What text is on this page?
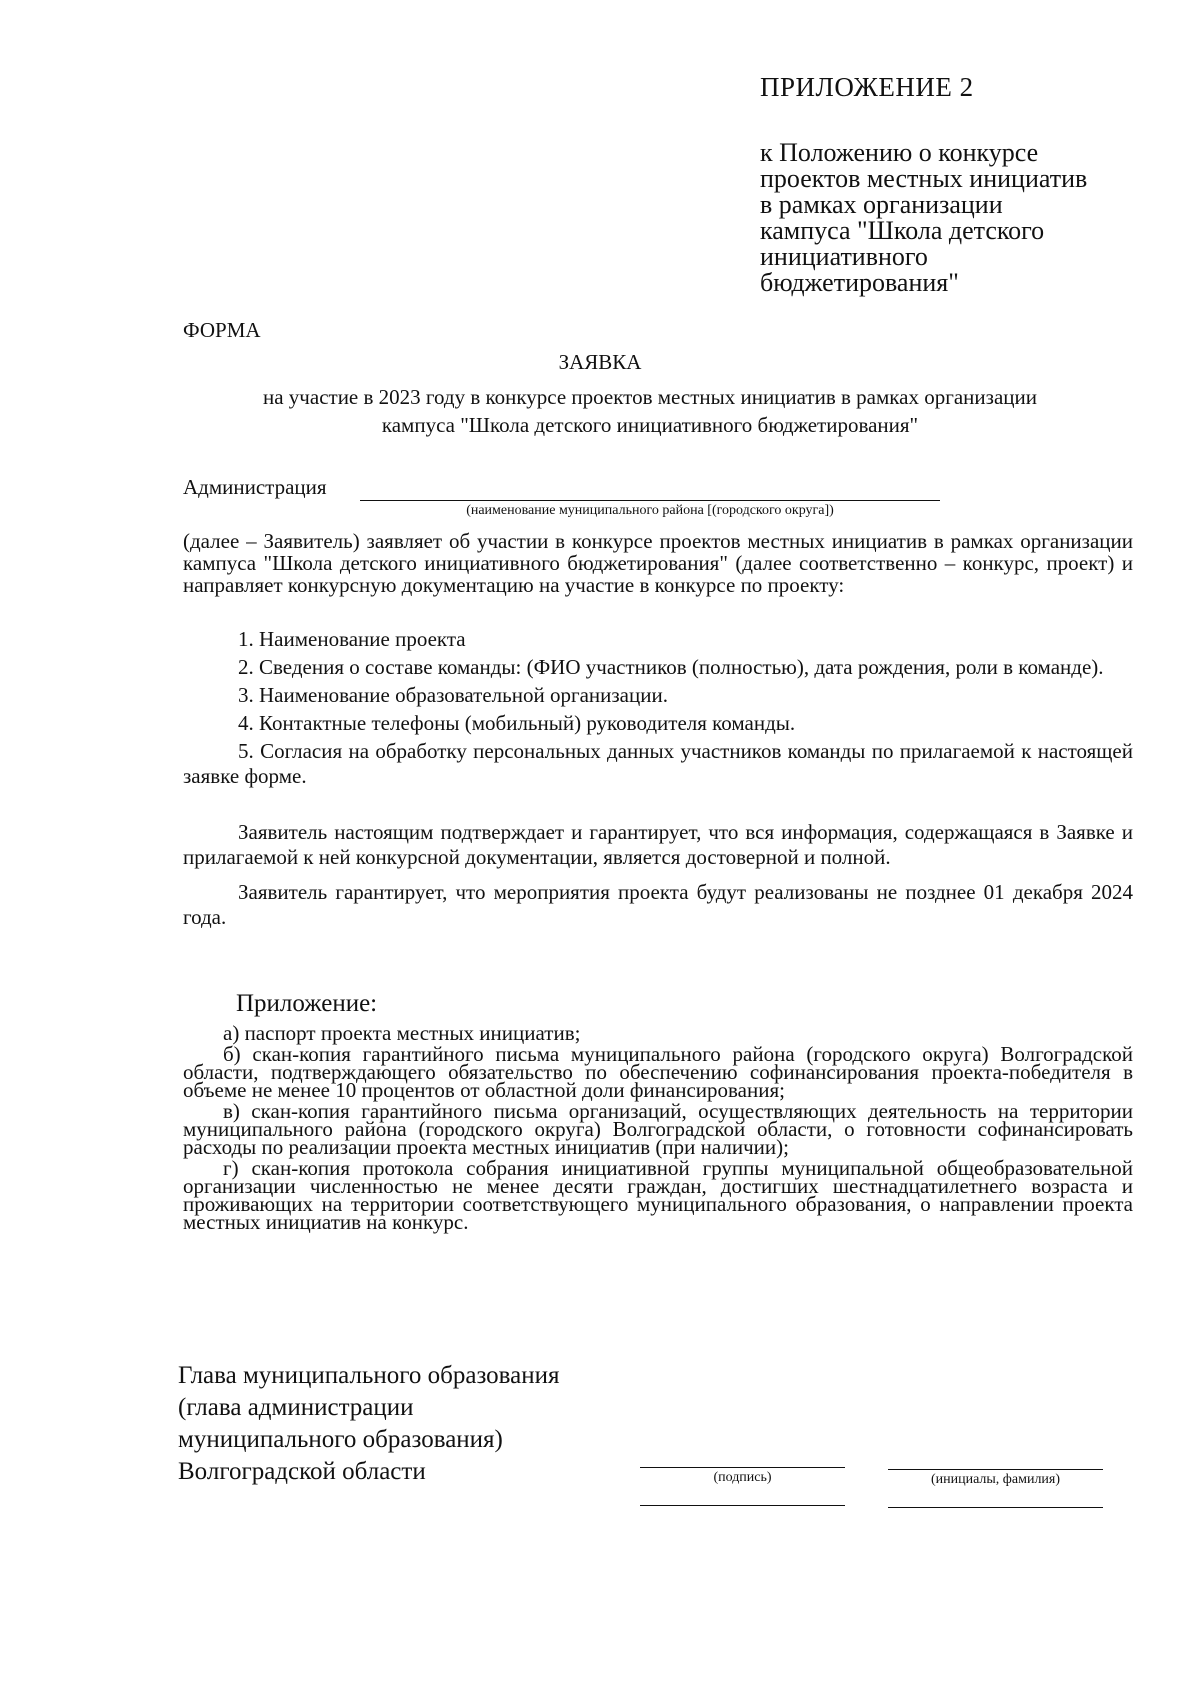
ПРИЛОЖЕНИЕ 2
к Положению о конкурсе
проектов местных инициатив
в рамках организации
кампуса "Школа детского
инициативного
бюджетирования"
ФОРМА
ЗАЯВКА
на участие в 2023 году в конкурсе проектов местных инициатив в рамках организации
кампуса "Школа детского инициативного бюджетирования"
Администрация
(наименование муниципального района [(городского округа])

(далее – Заявитель) заявляет об участии в конкурсе проектов местных инициатив в рамках организации кампуса "Школа детского инициативного бюджетирования" (далее соответственно – конкурс, проект) и направляет конкурсную документацию на участие в конкурсе по проекту:

1. Наименование проекта

2. Сведения о составе команды: (ФИО участников (полностью), дата рождения, роли в команде).

3. Наименование образовательной организации.

4. Контактные телефоны (мобильный) руководителя команды.

5. Согласия на обработку персональных данных участников команды по прилагаемой к настоящей заявке форме.

Заявитель настоящим подтверждает и гарантирует, что вся информация, содержащаяся в Заявке и прилагаемой к ней конкурсной документации, является достоверной и полной.

Заявитель гарантирует, что мероприятия проекта будут реализованы не позднее 01 декабря 2024 года.

Приложение:

а) паспорт проекта местных инициатив;

б) скан-копия гарантийного письма муниципального района (городского округа) Волгоградской области, подтверждающего обязательство по обеспечению софинансирования проекта-победителя в объеме не менее 10 процентов от областной доли финансирования;

в) скан-копия гарантийного письма организаций, осуществляющих деятельность на территории муниципального района (городского округа) Волгоградской области, о готовности софинансировать расходы по реализации проекта местных инициатив (при наличии);

г) скан-копия протокола собрания инициативной группы муниципальной общеобразовательной организации численностью не менее десяти граждан, достигших шестнадцатилетнего возраста и проживающих на территории соответствующего муниципального образования, о направлении проекта местных инициатив на конкурс.

Глава муниципального образования
(глава администрации
муниципального образования)
Волгоградской области	(подпись)	(инициалы, фамилия)
